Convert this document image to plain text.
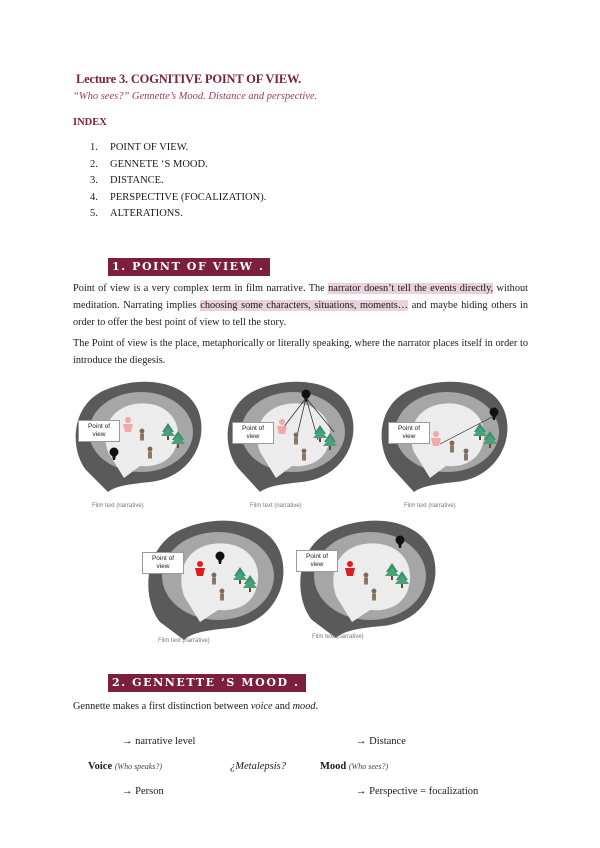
Lecture 3. COGNITIVE POINT OF VIEW.
“Who sees?” Gennette’s Mood. Distance and perspective.
INDEX
1. POINT OF VIEW.
2. GENNETE ‘S MOOD.
3. DISTANCE.
4. PERSPECTIVE (FOCALIZATION).
5. ALTERATIONS.
1. POINT OF VIEW .

Point of view is a very complex term in film narrative. The narrator doesn’t tell the events directly, without meditation. Narrating implies choosing some characters, situations, moments… and maybe hiding others in order to offer the best point of view to tell the story.

The Point of view is the place, metaphorically or literally speaking, where the narrator places itself in order to introduce the diegesis.

Point of view
Point of view
Point of view
Point of view
Point of view
Film text (narrative)	Film text (narrative)	Film text (narrative)
Film text (narrative)
Film text (narrative)
2. GENNETTE ‘S MOOD .

Gennette makes a first distinction between voice and mood.

→ narrative level	→ Distance
Voice (Who speaks?)	¿Metalepsis?	Mood (Who sees?)
→ Person	→ Perspective = focalization
